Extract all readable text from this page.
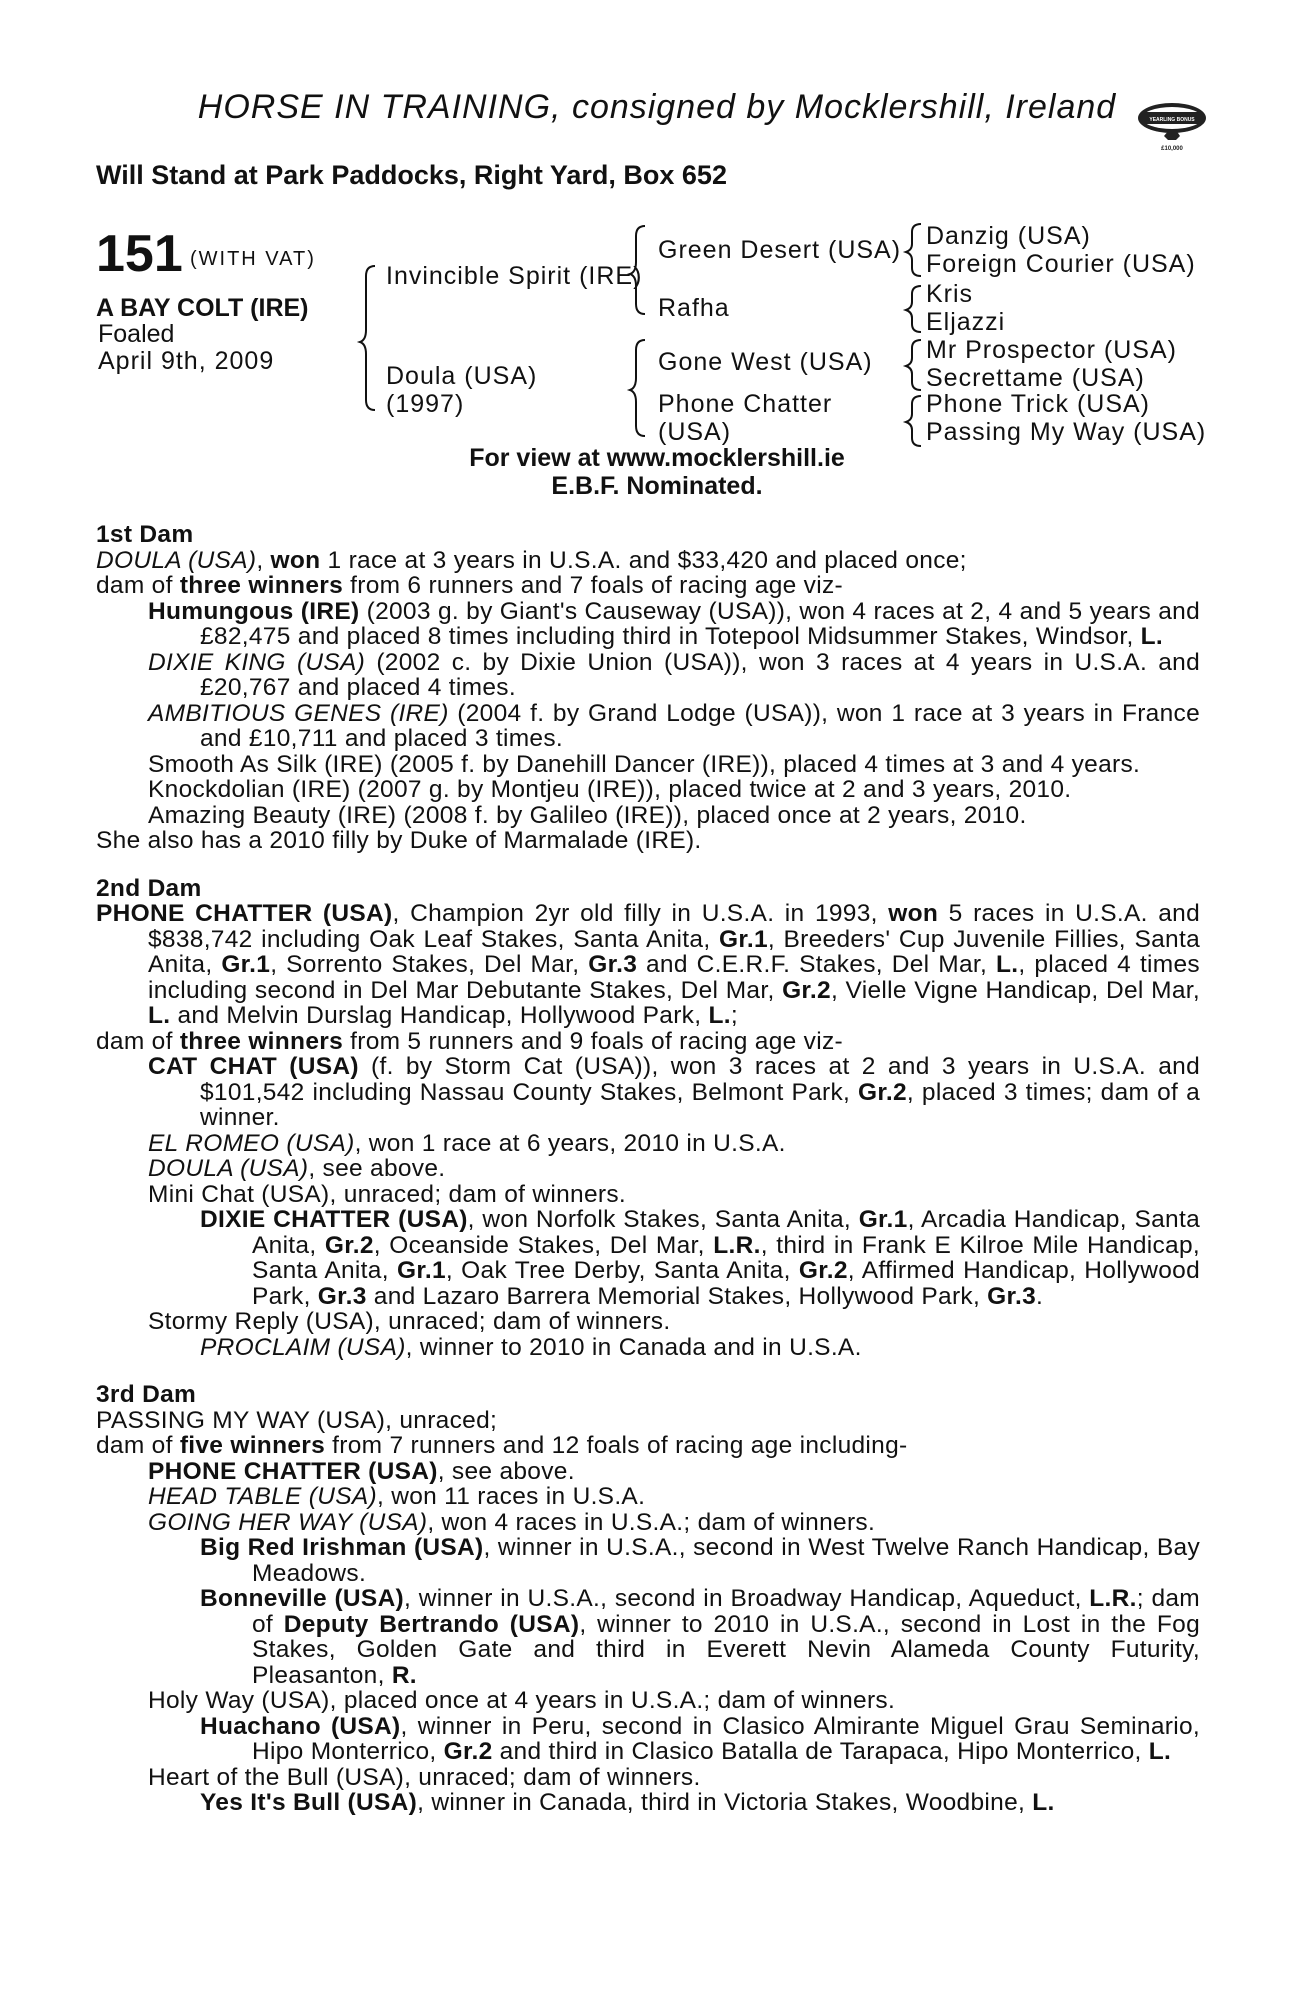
HORSE IN TRAINING, consigned by Mocklershill, Ireland	SAPPHIRE
YEARLING BONUS
£10,000
Will Stand at Park Paddocks, Right Yard, Box 652
151 (WITH VAT)
A BAY COLT (IRE)
Foaled
April 9th, 2009
Invincible Spirit (IRE)
Doula (USA)
(1997)
Green Desert (USA)
Rafha
Gone West (USA)
Phone Chatter
(USA)
Danzig (USA)
Foreign Courier (USA)
Kris
Eljazzi
Mr Prospector (USA)
Secrettame (USA)
Phone Trick (USA)
Passing My Way (USA)
For view at www.mocklershill.ie
E.B.F. Nominated.

1st Dam

DOULA (USA), won 1 race at 3 years in U.S.A. and $33,420 and placed once;

dam of three winners from 6 runners and 7 foals of racing age viz-

Humungous (IRE) (2003 g. by Giant's Causeway (USA)), won 4 races at 2, 4 and 5 years and £82,475 and placed 8 times including third in Totepool Midsummer Stakes, Windsor, L.

DIXIE KING (USA) (2002 c. by Dixie Union (USA)), won 3 races at 4 years in U.S.A. and £20,767 and placed 4 times.

AMBITIOUS GENES (IRE) (2004 f. by Grand Lodge (USA)), won 1 race at 3 years in France and £10,711 and placed 3 times.

Smooth As Silk (IRE) (2005 f. by Danehill Dancer (IRE)), placed 4 times at 3 and 4 years.

Knockdolian (IRE) (2007 g. by Montjeu (IRE)), placed twice at 2 and 3 years, 2010.

Amazing Beauty (IRE) (2008 f. by Galileo (IRE)), placed once at 2 years, 2010.

She also has a 2010 filly by Duke of Marmalade (IRE).

2nd Dam

PHONE CHATTER (USA), Champion 2yr old filly in U.S.A. in 1993, won 5 races in U.S.A. and $838,742 including Oak Leaf Stakes, Santa Anita, Gr.1, Breeders' Cup Juvenile Fillies, Santa Anita, Gr.1, Sorrento Stakes, Del Mar, Gr.3 and C.E.R.F. Stakes, Del Mar, L., placed 4 times including second in Del Mar Debutante Stakes, Del Mar, Gr.2, Vielle Vigne Handicap, Del Mar, L. and Melvin Durslag Handicap, Hollywood Park, L.;

dam of three winners from 5 runners and 9 foals of racing age viz-

CAT CHAT (USA) (f. by Storm Cat (USA)), won 3 races at 2 and 3 years in U.S.A. and $101,542 including Nassau County Stakes, Belmont Park, Gr.2, placed 3 times; dam of a winner.

EL ROMEO (USA), won 1 race at 6 years, 2010 in U.S.A.

DOULA (USA), see above.

Mini Chat (USA), unraced; dam of winners.

DIXIE CHATTER (USA), won Norfolk Stakes, Santa Anita, Gr.1, Arcadia Handicap, Santa Anita, Gr.2, Oceanside Stakes, Del Mar, L.R., third in Frank E Kilroe Mile Handicap, Santa Anita, Gr.1, Oak Tree Derby, Santa Anita, Gr.2, Affirmed Handicap, Hollywood Park, Gr.3 and Lazaro Barrera Memorial Stakes, Hollywood Park, Gr.3.

Stormy Reply (USA), unraced; dam of winners.

PROCLAIM (USA), winner to 2010 in Canada and in U.S.A.

3rd Dam

PASSING MY WAY (USA), unraced;

dam of five winners from 7 runners and 12 foals of racing age including-

PHONE CHATTER (USA), see above.

HEAD TABLE (USA), won 11 races in U.S.A.

GOING HER WAY (USA), won 4 races in U.S.A.; dam of winners.

Big Red Irishman (USA), winner in U.S.A., second in West Twelve Ranch Handicap, Bay Meadows.

Bonneville (USA), winner in U.S.A., second in Broadway Handicap, Aqueduct, L.R.; dam of Deputy Bertrando (USA), winner to 2010 in U.S.A., second in Lost in the Fog Stakes, Golden Gate and third in Everett Nevin Alameda County Futurity, Pleasanton, R.

Holy Way (USA), placed once at 4 years in U.S.A.; dam of winners.

Huachano (USA), winner in Peru, second in Clasico Almirante Miguel Grau Seminario, Hipo Monterrico, Gr.2 and third in Clasico Batalla de Tarapaca, Hipo Monterrico, L.

Heart of the Bull (USA), unraced; dam of winners.

Yes It's Bull (USA), winner in Canada, third in Victoria Stakes, Woodbine, L.
